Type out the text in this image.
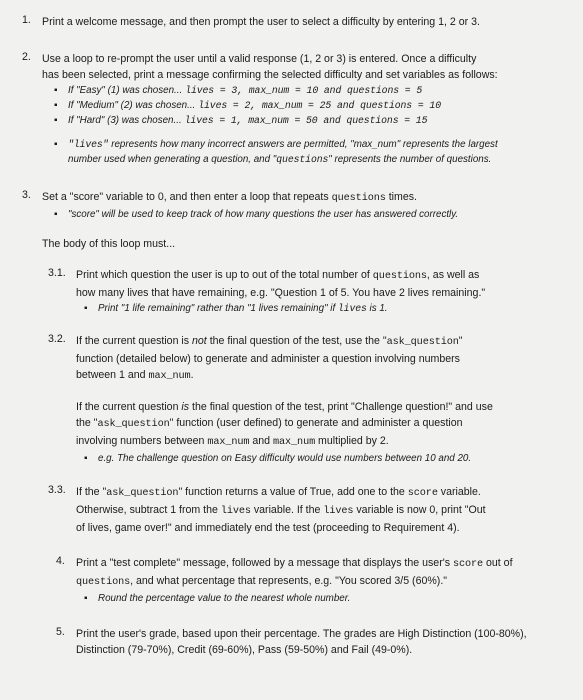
1. Print a welcome message, and then prompt the user to select a difficulty by entering 1, 2 or 3.

2. Use a loop to re-prompt the user until a valid response (1, 2 or 3) is entered. Once a difficulty

has been selected, print a message confirming the selected difficulty and set variables as follows:

▪ If "Easy" (1) was chosen... lives = 3, max_num = 10 and questions = 5
▪ If "Medium" (2) was chosen... lives = 2, max_num = 25 and questions = 10
▪ If "Hard" (3) was chosen... lives = 1, max_num = 50 and questions = 15
▪ "lives" represents how many incorrect answers are permitted, "max_num" represents the largest
number used when generating a question, and "questions" represents the number of questions.
3. Set a "score" variable to 0, and then enter a loop that repeats questions times.

▪ "score" will be used to keep track of how many questions the user has answered correctly.

The body of this loop must...

3.1. Print which question the user is up to out of the total number of questions, as well as

how many lives that have remaining, e.g. "Question 1 of 5. You have 2 lives remaining."

▪ Print "1 life remaining" rather than "1 lives remaining" if lives is 1.
3.2. If the current question is not the final question of the test, use the "ask_question"

function (detailed below) to generate and administer a question involving numbers

between 1 and max_num.

If the current question is the final question of the test, print "Challenge question!" and use

the "ask_question" function (user defined) to generate and administer a question

involving numbers between max_num and max_num multiplied by 2.

▪ e.g. The challenge question on Easy difficulty would use numbers between 10 and 20.
3.3. If the "ask_question" function returns a value of True, add one to the score variable.

Otherwise, subtract 1 from the lives variable. If the lives variable is now 0, print "Out

of lives, game over!" and immediately end the test (proceeding to Requirement 4).

4. Print a "test complete" message, followed by a message that displays the user's score out of

questions, and what percentage that represents, e.g. "You scored 3/5 (60%)."

▪ Round the percentage value to the nearest whole number.
5. Print the user's grade, based upon their percentage. The grades are High Distinction (100-80%),

Distinction (79-70%), Credit (69-60%), Pass (59-50%) and Fail (49-0%).
